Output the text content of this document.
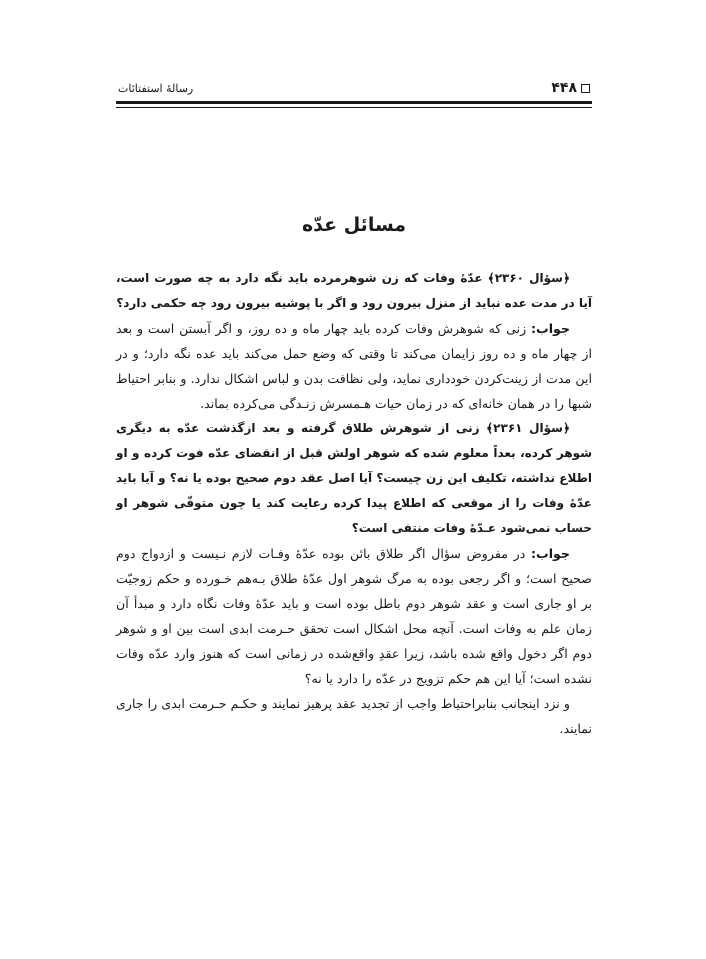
۴۴۸
رسالۀ استفتائات
مسائل عدّه

﴿سؤال ۲۳۶۰﴾ عدّۀ وفات که زن شوهرمرده باید نگه دارد به چه صورت است، آیا در مدت عده نباید از منزل بیرون رود و اگر با پوشیه بیرون رود چه حکمی دارد؟

جواب: زنی که شوهرش وفات کرده باید چهار ماه و ده روز، و اگر آبستن است و بعد از چهار ماه و ده روز زایمان می‌کند تا وقتی که وضع حمل می‌کند باید عده نگه دارد؛ و در این مدت از زینت‌کردن خودداری نماید، ولی نظافت بدن و لباس اشکال ندارد. و بنابر احتیاط شبها را در همان خانه‌ای که در زمان حیات هـمسرش زنـدگی می‌کرده بماند.

﴿سؤال ۲۳۶۱﴾ زنی از شوهرش طلاق گرفته و بعد ازگذشت عدّه به دیگری شوهر کرده، بعداً معلوم شده که شوهر اولش قبل از انقضای عدّه فوت کرده و او اطلاع نداشته، تکلیف این زن چیست؟ آیا اصل عقد دوم صحیح بوده یا نه؟ و آیا باید عدّۀ وفات را از موقعی که اطلاع پیدا کرده رعایت کند یا چون متوفّی شوهر او حساب نمی‌شود عـدّۀ وفات منتفی است؟

جواب: در مفروض سؤال اگر طلاق بائن بوده عدّۀ وفـات لازم نـیست و ازدواج دوم صحیح است؛ و اگر رجعی بوده به مرگ شوهر اول عدّۀ طلاق بـه‌هم خـورده و حکم زوجیّت بر او جاری است و عقد شوهر دوم باطل بوده است و باید عدّۀ وفات نگاه دارد و مبدأ آن زمان علم به وفات است. آنچه محل اشکال است تحقق حـرمت ابدی است بین او و شوهر دوم اگر دخول واقع شده باشد، زیرا عقدِ واقع‌شده در زمانی است که هنوز وارد عدّه وفات نشده است؛ آیا این هم حکم تزویج در عدّه را دارد یا نه؟

و نزد اینجانب بنابراحتیاط واجب از تجدید عقد پرهیز نمایند و حکـم حـرمت ابدی را جاری نمایند.
